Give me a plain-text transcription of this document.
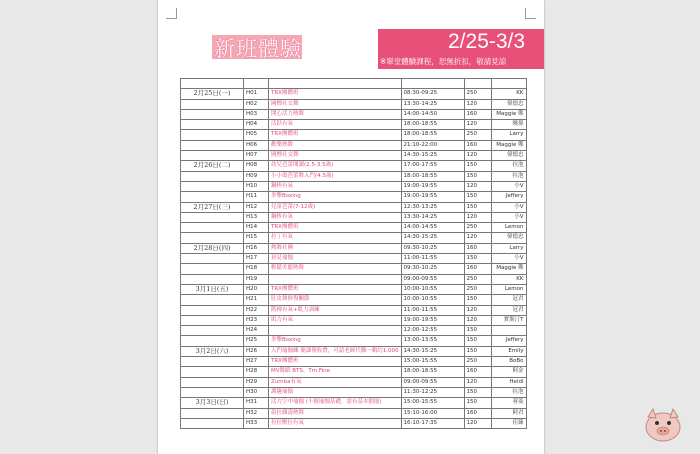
新班體驗	2/25-3/3
※單堂體驗課程，恕無折扣，敬請見諒

2月25日(一)	H01	TRX團體班	08:30-09:25	250	KK
	H02	國標社交舞	13:30-14:25	120	偉德忠
	H03	開心活力熱舞	14:00-14:50	160	Maggie 鄭
	H04	活跃有氧	18:00-18:55	120	曉偉
	H05	TRX團體班	18:00-18:55	250	Larry
	H06	歡樂熱舞	21:10-22:00	160	Maggie 鄭
	H07	國標社交舞	14:30-15:25	120	偉德忠
2月26日(二)	H08	幼兒芭蕾閱讀(2.5-3.5歲)	17:00-17:55	150	拉泡
	H09	小小鴿芭蕾舞入門(4.5歲)	18:00-18:55	150	拉泡
	H10	鋼棒有氧	19:00-19:55	120	小V
	H11	拳擊Boxing	19:00-19:55	150	Jeffery
2月27日(三)	H12	兒童芭蕾(7-12歲)	12:30-13:25	150	小V
	H13	鋼棒有氧	13:30-14:25	120	小V
	H14	TRX團體班	14:00-14:55	250	Lemon
	H15	拉丁有氧	14:30-15:25	120	偉德忠
2月28日(四)	H16	熱舞社團	09:30-10:25	160	Larry
	H17	初見瑜伽	11:00-11:55	150	小V
	H18	輕鬆美麗熱舞	09:30-10:25	160	Maggie 鄭
	H19		09:00-09:55	250	KK
3月1日(五)	H20	TRX團體班	10:00-10:55	250	Lemon
	H21	肚皮舞修復關節	10:00-10:55	150	冠君
	H22	階梯有氧+肌力訓練	11:00-11:55	120	冠君
	H23	肌力有氧	19:00-19:55	120	實斯汀T
	H24		12:00-12:55	150	
	H25	拳擊Boxing	13:00-13:55	150	Jeffery
3月2日(六)	H26	入門瑜伽練 簡課僅收費，可請老師代購一顆約1,000	14:30-15:25	150	Emily
	H27	TRX團體班	15:00-15:55	250	BoBo
	H28	MV舞蹈 BTS、Tm Fine	18:00-18:55	160	阿金
	H29	Zumba有氧	09:00-09:55	120	Heidi
	H30	護趣瑜伽	11:30-12:25	150	拉泡
3月3日(日)	H31	活力空中瑜伽 (不擅瑜伽基礎，需有基本動能)	15:00-15:55	150	蓉菱
	H32	街拉雜壽熱舞	15:10-16:00	160	阿君
	H33	拉拉壓拉有氧	16:10-17:35	120	佳臻
